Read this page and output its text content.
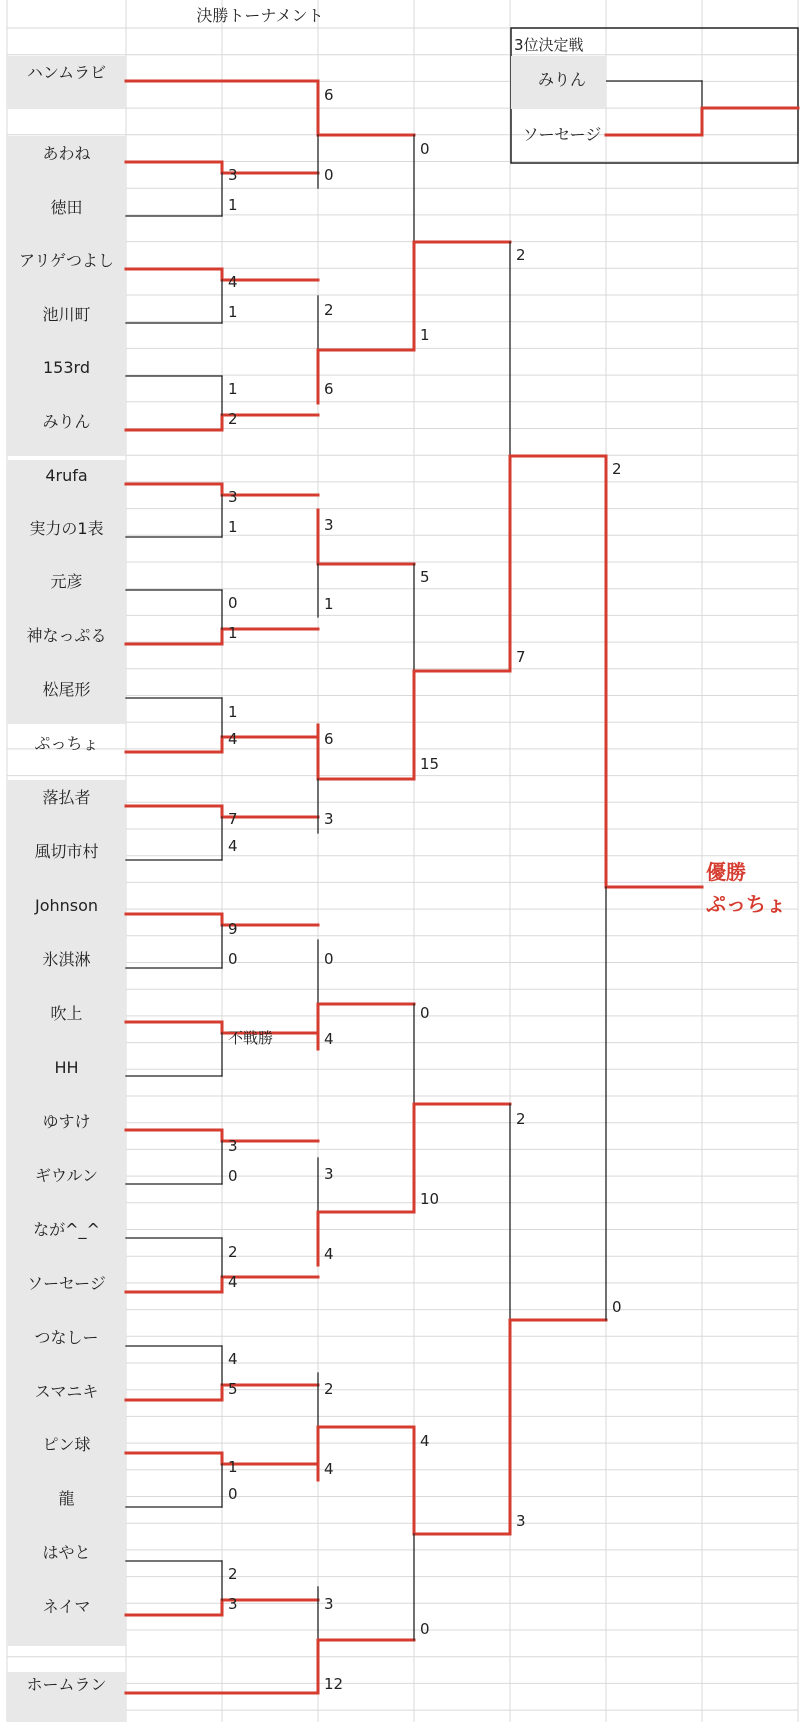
決勝トーナメント
ハンムラビ
あわね
徳田
アリゲつよし
池川町
153rd
みりん
4rufa
実力の1表
元彦
神なっぷる
松尾形
ぷっちょ
落払者
風切市村
Johnson
氷淇淋
吹上
HH
ゆすけ
ギウルン
なが^_^
ソーセージ
つなしー
スマニキ
ピン球
龍
はやと
ネイマ
ホームラン
3
1
4
1
1
2
3
1
0
1
1
4
7
4
9
0
不戦勝
3
0
2
4
4
5
1
0
2
3
6
0
2
6
3
1
6
3
0
4
3
4
2
4
3
12
0
1
5
15
0
10
4
0
2
7
2
3
2
0
3位決定戦
みりん
ソーセージ
優勝
ぷっちょ
